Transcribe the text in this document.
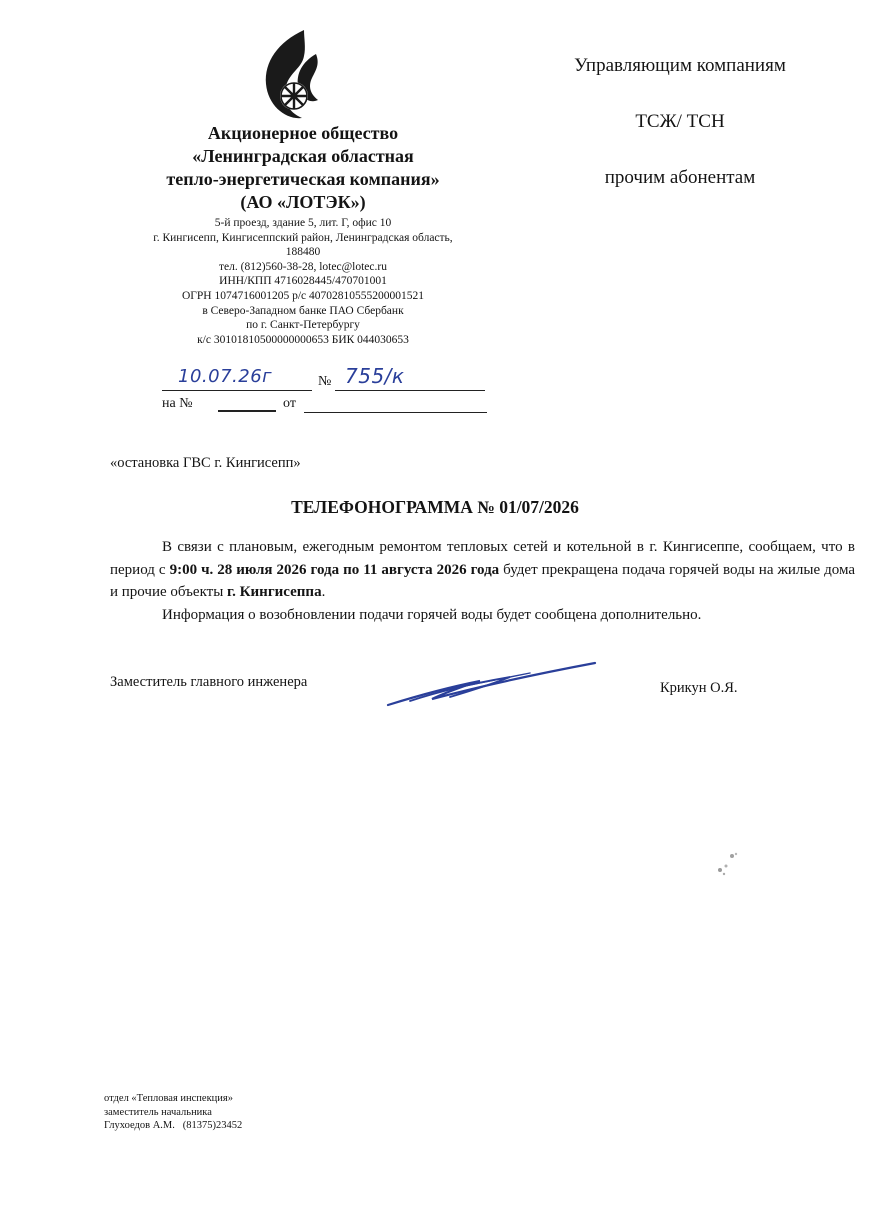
Акционерное общество
«Ленинградская областная
тепло-энергетическая компания»
(АО «ЛОТЭК»)
5-й проезд, здание 5, лит. Г, офис 10
г. Кингисепп, Кингисеппский район, Ленинградская область,
188480
тел. (812)560-38-28, lotec@lotec.ru
ИНН/КПП 4716028445/470701001
ОГРН 1074716001205 р/с 40702810555200001521
в Северо-Западном банке ПАО Сбербанк
по г. Санкт-Петербургу
к/с 30101810500000000653 БИК 044030653
Управляющим компаниям
ТСЖ/ ТСН
прочим абонентам
10.07.26г	№ 755/к
на №	от
«остановка ГВС г. Кингисепп»
ТЕЛЕФОНОГРАММА № 01/07/2026

В связи с плановым, ежегодным ремонтом тепловых сетей и котельной в г. Кингисеппе, сообщаем, что в период с 9:00 ч. 28 июля 2026 года по 11 августа 2026 года будет прекращена подача горячей воды на жилые дома и прочие объекты г. Кингисеппа.

Информация о возобновлении подачи горячей воды будет сообщена дополнительно.

Заместитель главного инженера	Крикун О.Я.
отдел «Тепловая инспекция»
заместитель начальника
Глухоедов А.М.   (81375)23452
